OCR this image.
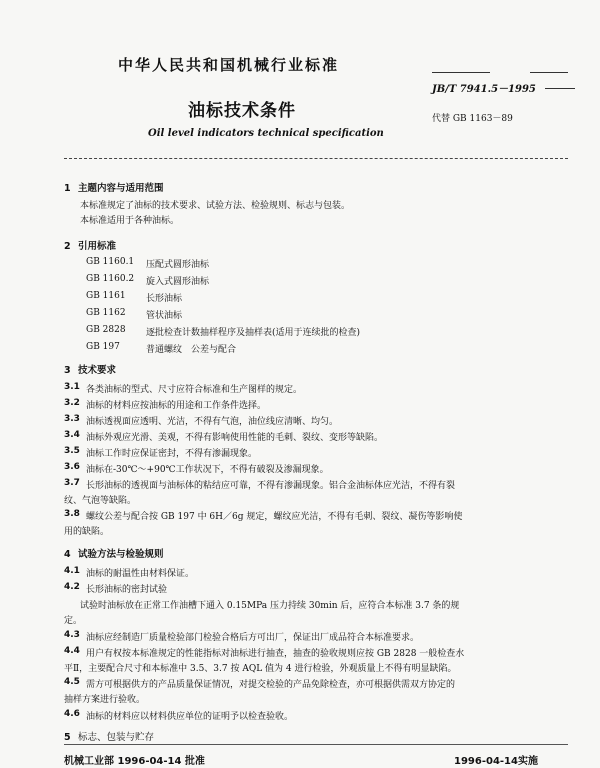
中华人民共和国机械行业标准
JB/T 7941.5－1995
油标技术条件	代替 GB 1163－89
Oil level indicators technical specification
1 主题内容与适用范围
本标准规定了油标的技术要求、试验方法、检验规则、标志与包装。
本标准适用于各种油标。
2 引用标准
GB 1160.1 压配式圆形油标
GB 1160.2 旋入式圆形油标
GB 1161 长形油标
GB 1162 管状油标
GB 2828 逐批检查计数抽样程序及抽样表(适用于连续批的检查)
GB 197	普通螺纹　公差与配合
3 技术要求
3.1 各类油标的型式、尺寸应符合标准和生产图样的规定。
3.2 油标的材料应按油标的用途和工作条件选择。
3.3 油标透视面应透明、光洁，不得有气泡，油位线应清晰、均匀。
3.4 油标外观应光滑、美观，不得有影响使用性能的毛刺、裂纹、变形等缺陷。
3.5 油标工作时应保证密封，不得有渗漏现象。
3.6 油标在-30℃～+90℃工作状况下，不得有破裂及渗漏现象。
3.7 长形油标的透视面与油标体的粘结应可靠，不得有渗漏现象。铝合金油标体应光洁，不得有裂
纹、气泡等缺陷。
3.8 螺纹公差与配合按 GB 197 中 6H／6g 规定，螺纹应光洁，不得有毛刺、裂纹、凝伤等影响使
用的缺陷。
4 试验方法与检验规则
4.1 油标的耐温性由材料保证。
4.2 长形油标的密封试验
试验时油标放在正常工作油槽下通入 0.15MPa 压力持续 30min 后，应符合本标准 3.7 条的规
定。
4.3 油标应经制造厂质量检验部门检验合格后方可出厂，保证出厂成品符合本标准要求。
4.4 用户有权按本标准规定的性能指标对油标进行抽查，抽查的验收规则应按 GB 2828 一般检查水
平Ⅱ，主要配合尺寸和本标准中 3.5、3.7 按 AQL 值为 4 进行检验，外观质量上不得有明显缺陷。
4.5 需方可根据供方的产品质量保证情况，对提交检验的产品免除检查，亦可根据供需双方协定的
抽样方案进行验收。
4.6 油标的材料应以材料供应单位的证明予以检查验收。
5 标志、包装与贮存
机械工业部 1996-04-14 批准	1996-04-14实施
